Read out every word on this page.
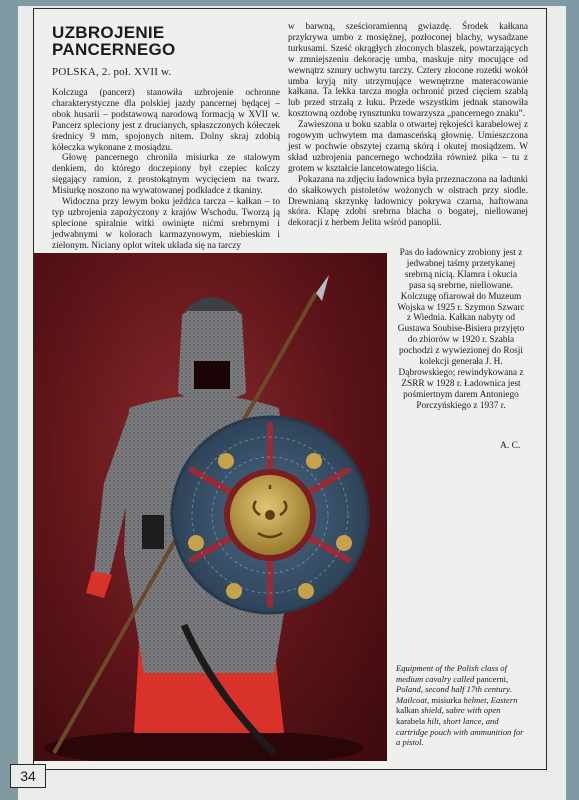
UZBROJENIE PANCERNEGO
POLSKA, 2. poł. XVII w.

Kolczuga (pancerz) stanowiła uzbrojenie ochronne charakterystyczne dla polskiej jazdy pancernej będącej – obok husarii – podstawową narodową formacją w XVII w. Pancerz spleciony jest z drucianych, spłaszczonych kółeczek średnicy 9 mm, spojonych nitem. Dolny skraj zdobią kółeczka wykonane z mosiądzu.

Głowę pancernego chroniła misiurka ze stalowym denkiem, do którego doczepiony był czepiec kolczy sięgający ramion, z prostokątnym wycięciem na twarz. Misiurkę noszono na wywatowanej podkładce z tkaniny.

Widoczna przy lewym boku jeźdźca tarcza – kałkan – to typ uzbrojenia zapożyczony z krajów Wschodu. Tworzą ją splecione spiralnie witki owinięte nićmi srebrnymi i jedwabnymi w kolorach karmazynowym, niebieskim i zielonym. Niciany oplot witek układa się na tarczy

w barwną, sześcioramienną gwiazdę. Środek kałkana przykrywa umbo z mosiężnej, pozłoconej blachy, wysadzane turkusami. Sześć okrągłych złoconych blaszek, powtarzających w zmniejszeniu dekorację umba, maskuje nity mocujące od wewnątrz sznury uchwytu tarczy. Cztery złocone rozetki wokół umba kryją nity utrzymujące wewnętrzne materacowanie kałkana. Ta lekka tarcza mogła ochronić przed cięciem szablą lub przed strzałą z łuku. Przede wszystkim jednak stanowiła kosztowną ozdobę rynsztunku towarzysza „pancernego znaku”.

Zawieszona u boku szabla o otwartej rękojeści karabelowej z rogowym uchwytem ma damasceńską głownię. Umieszczona jest w pochwie obszytej czarną skórą i okutej mosiądzem. W skład uzbrojenia pancernego wchodziła również pika – tu z grotem w kształcie lancetowatego liścia.

Pokazana na zdjęciu ładownica była przeznaczona na ładunki do skałkowych pistoletów wożonych w olstrach przy siodle. Drewnianą skrzynkę ładownicy pokrywa czarna, haftowana skóra. Klapę zdobi srebrna blacha o bogatej, niellowanej dekoracji z herbem Jelita wśród panoplii.

Pas do ładownicy zrobiony jest z jedwabnej taśmy przetykanej srebrną nicią. Klamra i okucia pasa są srebrne, niellowane. Kolczugę ofiarował do Muzeum Wojska w 1925 r. Szymon Szwarc z Wiednia. Kałkan nabyty od Gustawa Soubise-Bisiera przyjęto do zbiorów w 1920 r. Szabla pochodzi z wywiezionej do Rosji kolekcji generała J. H. Dąbrowskiego; rewindykowana z ZSRR w 1928 r. Ładownica jest pośmiertnym darem Antoniego Porczyńskiego z 1937 r.

A. C.
Equipment of the Polish class of medium cavalry called pancerni, Poland, second half 17th century. Mailcoat, misiurka helmet, Eastern kalkan shield, sabre with open karabela hilt, short lance, and cartridge pouch with ammunition for a pistol.
34
